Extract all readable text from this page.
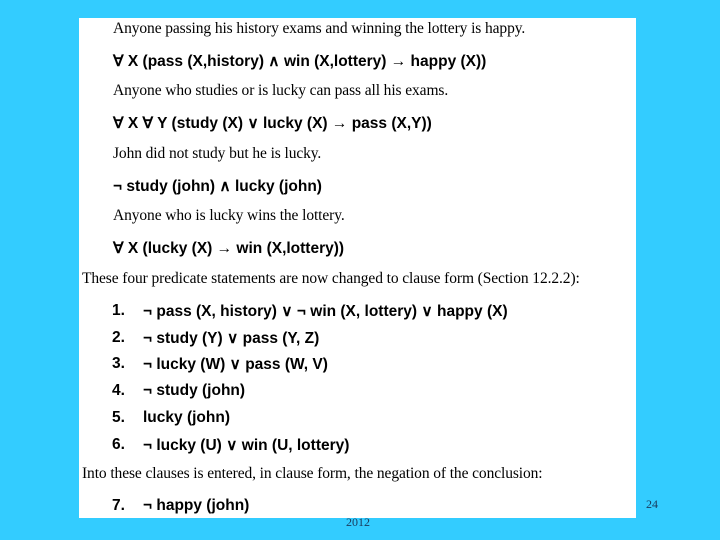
Anyone passing his history exams and winning the lottery is happy.
∀ X (pass (X,history) ∧ win (X,lottery) → happy (X))
Anyone who studies or is lucky can pass all his exams.
∀ X ∀ Y (study (X) ∨ lucky (X) → pass (X,Y))
John did not study but he is lucky.
¬ study (john) ∧ lucky (john)
Anyone who is lucky wins the lottery.
∀ X (lucky (X) → win (X,lottery))
These four predicate statements are now changed to clause form (Section 12.2.2):
1. ¬ pass (X, history) ∨ ¬ win (X, lottery) ∨ happy (X)
2. ¬ study (Y) ∨ pass (Y, Z)
3. ¬ lucky (W) ∨ pass (W, V)
4. ¬ study (john)
5. lucky (john)
6. ¬ lucky (U) ∨ win (U, lottery)
Into these clauses is entered, in clause form, the negation of the conclusion:
7. ¬ happy (john)	24
2012
